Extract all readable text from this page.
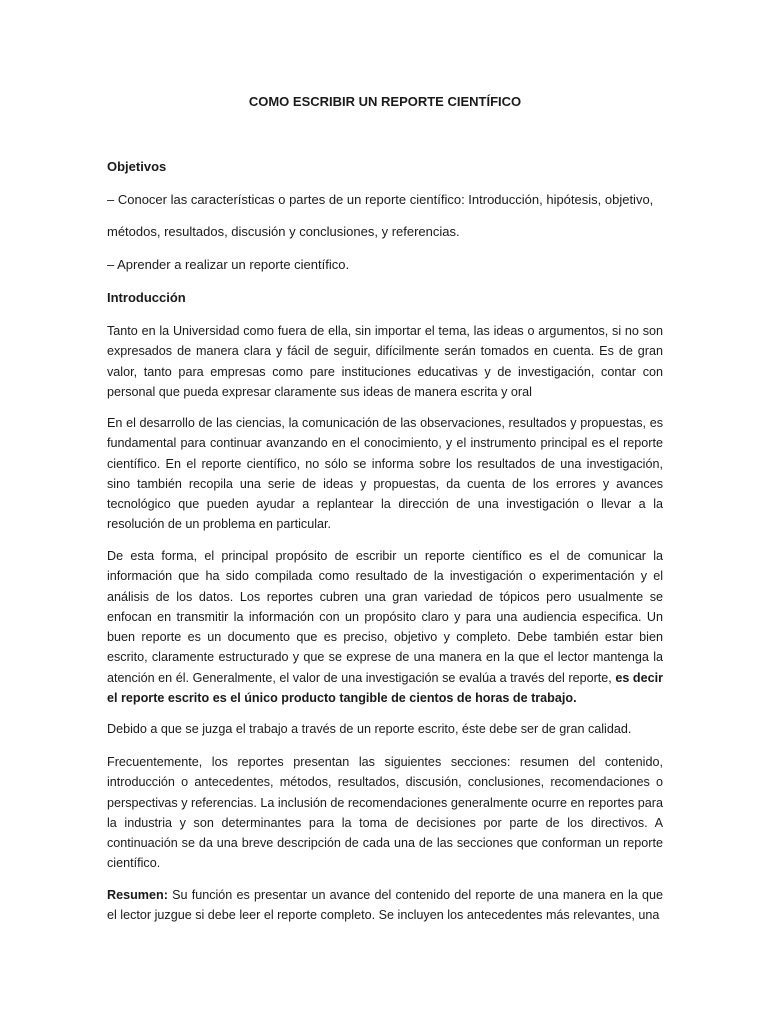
COMO ESCRIBIR UN REPORTE CIENTÍFICO
Objetivos

– Conocer las características o partes de un reporte científico: Introducción, hipótesis, objetivo,

métodos, resultados, discusión y conclusiones, y referencias.

– Aprender a realizar un reporte científico.

Introducción

Tanto en la Universidad como fuera de ella, sin importar el tema, las ideas o argumentos, si no son expresados de manera clara y fácil de seguir, difícilmente serán tomados en cuenta. Es de gran valor, tanto para empresas como pare instituciones educativas y de investigación, contar con personal que pueda expresar claramente sus ideas de manera escrita y oral

En el desarrollo de las ciencias, la comunicación de las observaciones, resultados y propuestas, es fundamental para continuar avanzando en el conocimiento, y el instrumento principal es el reporte científico. En el reporte científico, no sólo se informa sobre los resultados de una investigación, sino también recopila una serie de ideas y propuestas, da cuenta de los errores y avances tecnológico que pueden ayudar a replantear la dirección de una investigación o llevar a la resolución de un problema en particular.

De esta forma, el principal propósito de escribir un reporte científico es el de comunicar la información que ha sido compilada como resultado de la investigación o experimentación y el análisis de los datos. Los reportes cubren una gran variedad de tópicos pero usualmente se enfocan en transmitir la información con un propósito claro y para una audiencia especifica. Un buen reporte es un documento que es preciso, objetivo y completo. Debe también estar bien escrito, claramente estructurado y que se exprese de una manera en la que el lector mantenga la atención en él. Generalmente, el valor de una investigación se evalúa a través del reporte, es decir el reporte escrito es el único producto tangible de cientos de horas de trabajo.

Debido a que se juzga el trabajo a través de un reporte escrito, éste debe ser de gran calidad.

Frecuentemente, los reportes presentan las siguientes secciones: resumen del contenido, introducción o antecedentes, métodos, resultados, discusión, conclusiones, recomendaciones o perspectivas y referencias. La inclusión de recomendaciones generalmente ocurre en reportes para la industria y son determinantes para la toma de decisiones por parte de los directivos. A continuación se da una breve descripción de cada una de las secciones que conforman un reporte científico.

Resumen: Su función es presentar un avance del contenido del reporte de una manera en la que el lector juzgue si debe leer el reporte completo. Se incluyen los antecedentes más relevantes, una
